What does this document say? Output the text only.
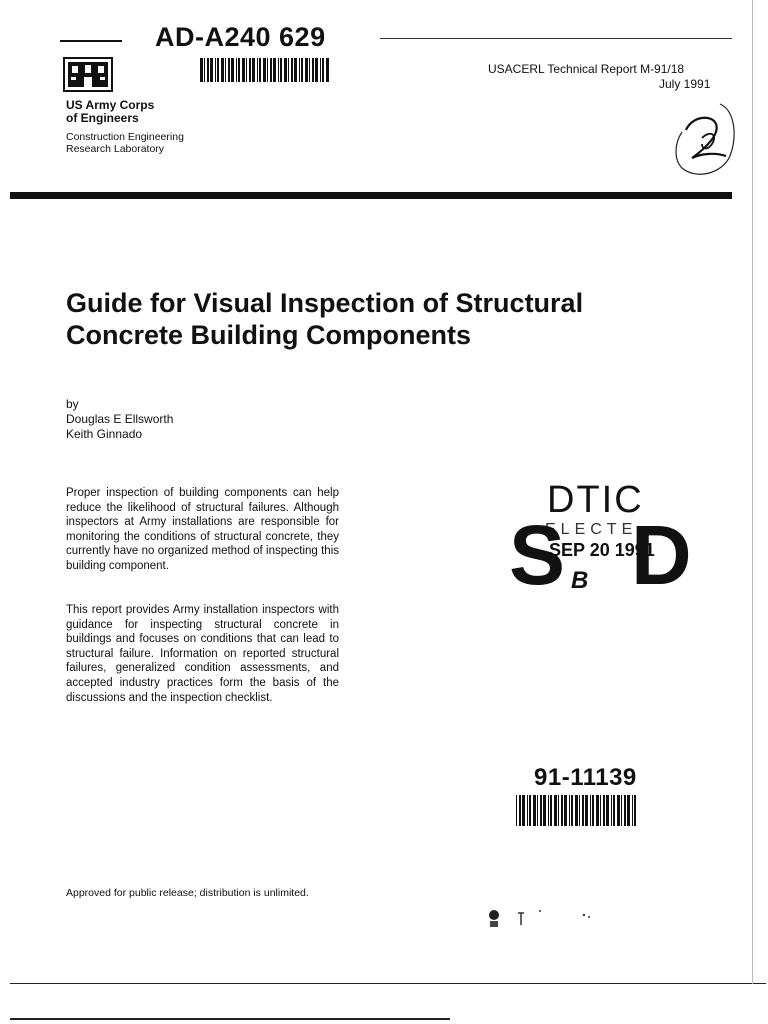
AD-A240 629
US Army Corps
of Engineers
Construction Engineering
Research Laboratory
USACERL Technical Report M-91/18
July 1991
Guide for Visual Inspection of Structural
Concrete Building Components
by
Douglas E Ellsworth
Keith Ginnado
Proper inspection of building components can help reduce the likelihood of structural failures. Although inspectors at Army installations are responsible for monitoring the conditions of structural concrete, they currently have no organized method of inspecting this building component.
This report provides Army installation inspectors with guidance for inspecting structural concrete in buildings and focuses on conditions that can lead to structural failure. Information on reported structural failures, generalized condition assessments, and accepted industry practices form the basis of the discussions and the inspection checklist.
DTIC
ELECTE
SEP 20 1991
S D
B
91-11139
Approved for public release; distribution is unlimited.
